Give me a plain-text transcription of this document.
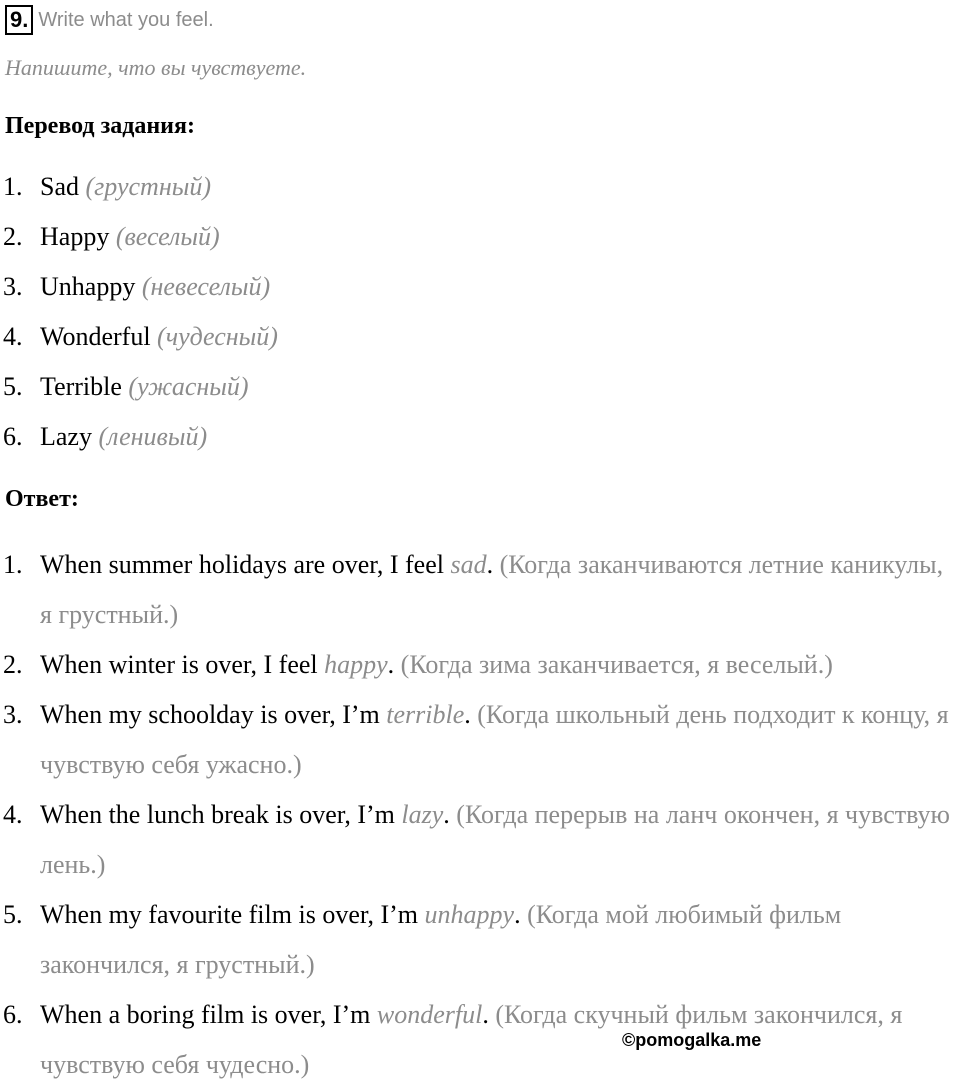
9. Write what you feel.
Напишите, что вы чувствуете.
Перевод задания:
1. Sad (грустный)
2. Happy (веселый)
3. Unhappy (невеселый)
4. Wonderful (чудесный)
5. Terrible (ужасный)
6. Lazy (ленивый)
Ответ:
1. When summer holidays are over, I feel sad. (Когда заканчиваются летние каникулы, я грустный.)
2. When winter is over, I feel happy. (Когда зима заканчивается, я веселый.)
3. When my schoolday is over, I’m terrible. (Когда школьный день подходит к концу, я чувствую себя ужасно.)
4. When the lunch break is over, I’m lazy. (Когда перерыв на ланч окончен, я чувствую лень.)
5. When my favourite film is over, I’m unhappy. (Когда мой любимый фильм закончился, я грустный.)
6. When a boring film is over, I’m wonderful. (Когда скучный фильм закончился, я чувствую себя чудесно.)
©pomogalka.me
